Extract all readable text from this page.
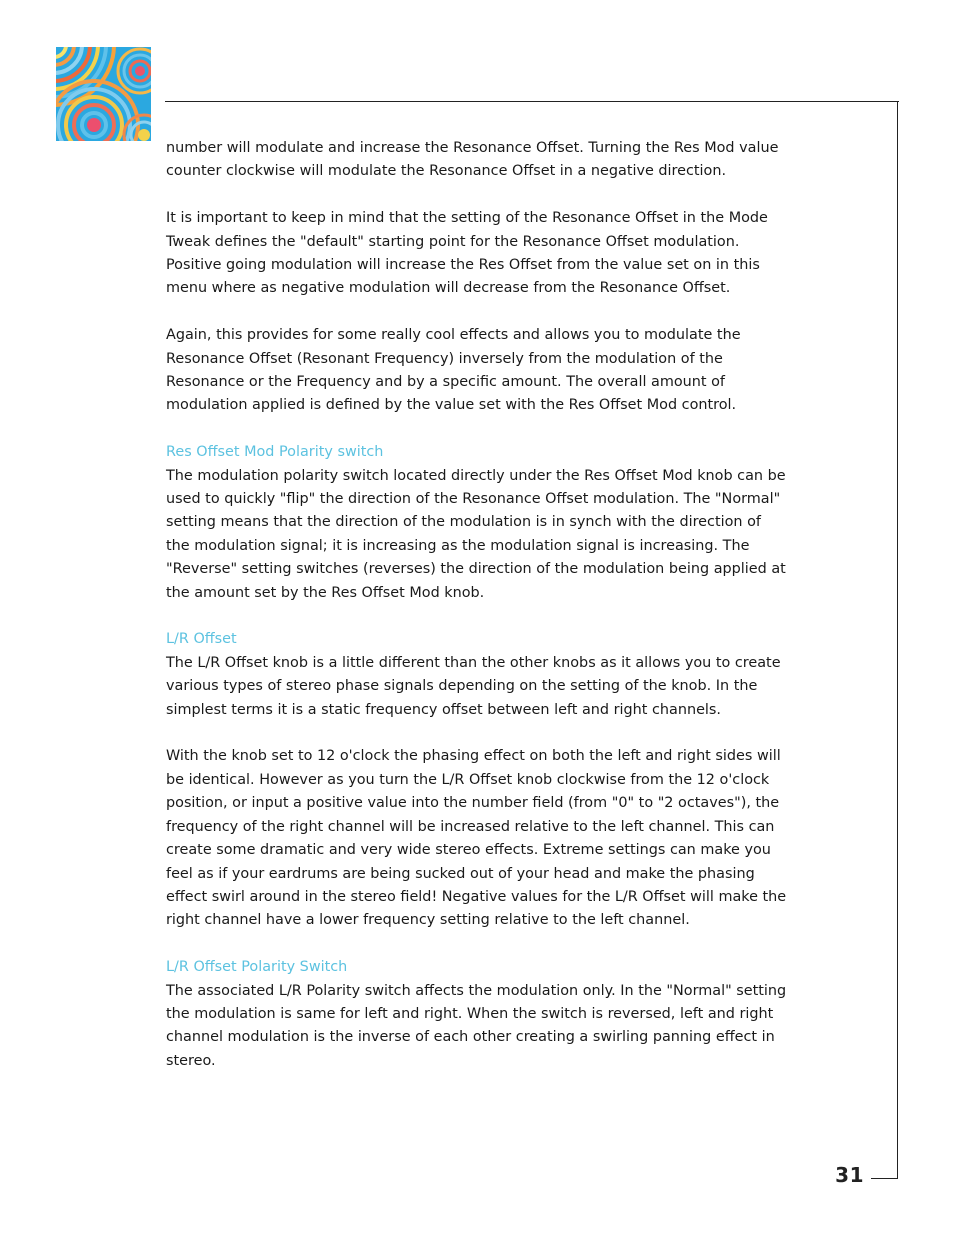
number will modulate and increase the Resonance Offset. Turning the Res Mod value counter clockwise will modulate the Resonance Offset in a negative direction.

It is important to keep in mind that the setting of the Resonance Offset in the Mode Tweak defines the "default" starting point for the Resonance Offset modulation. Positive going modulation will increase the Res Offset from the value set on in this menu where as negative modulation will decrease from the Resonance Offset.

Again, this provides for some really cool effects and allows you to modulate the Resonance Offset (Resonant Frequency) inversely from the modulation of the Resonance or the Frequency and by a specific amount. The overall amount of modulation applied is defined by the value set with the Res Offset Mod control.

Res Offset Mod Polarity switch

The modulation polarity switch located directly under the Res Offset Mod knob can be used to quickly "flip" the direction of the Resonance Offset modulation. The "Normal" setting means that the direction of the modulation is in synch with the direction of the modulation signal; it is increasing as the modulation signal is increasing. The "Reverse" setting switches (reverses) the direction of the modulation being applied at the amount set by the Res Offset Mod knob.

L/R Offset

The L/R Offset knob is a little different than the other knobs as it allows you to create various types of stereo phase signals depending on the setting of the knob. In the simplest terms it is a static frequency offset between left and right channels.

With the knob set to 12 o'clock the phasing effect on both the left and right sides will be identical. However as you turn the L/R Offset knob clockwise from the 12 o'clock position, or input a positive value into the number field (from "0" to "2 octaves"), the frequency of the right channel will be increased relative to the left channel. This can create some dramatic and very wide stereo effects. Extreme settings can make you feel as if your eardrums are being sucked out of your head and make the phasing effect swirl around in the stereo field! Negative values for the L/R Offset will make the right channel have a lower frequency setting relative to the left channel.

L/R Offset Polarity Switch

The associated L/R Polarity switch affects the modulation only. In the "Normal" setting the modulation is same for left and right. When the switch is reversed, left and right channel modulation is the inverse of each other creating a swirling panning effect in stereo.

31
